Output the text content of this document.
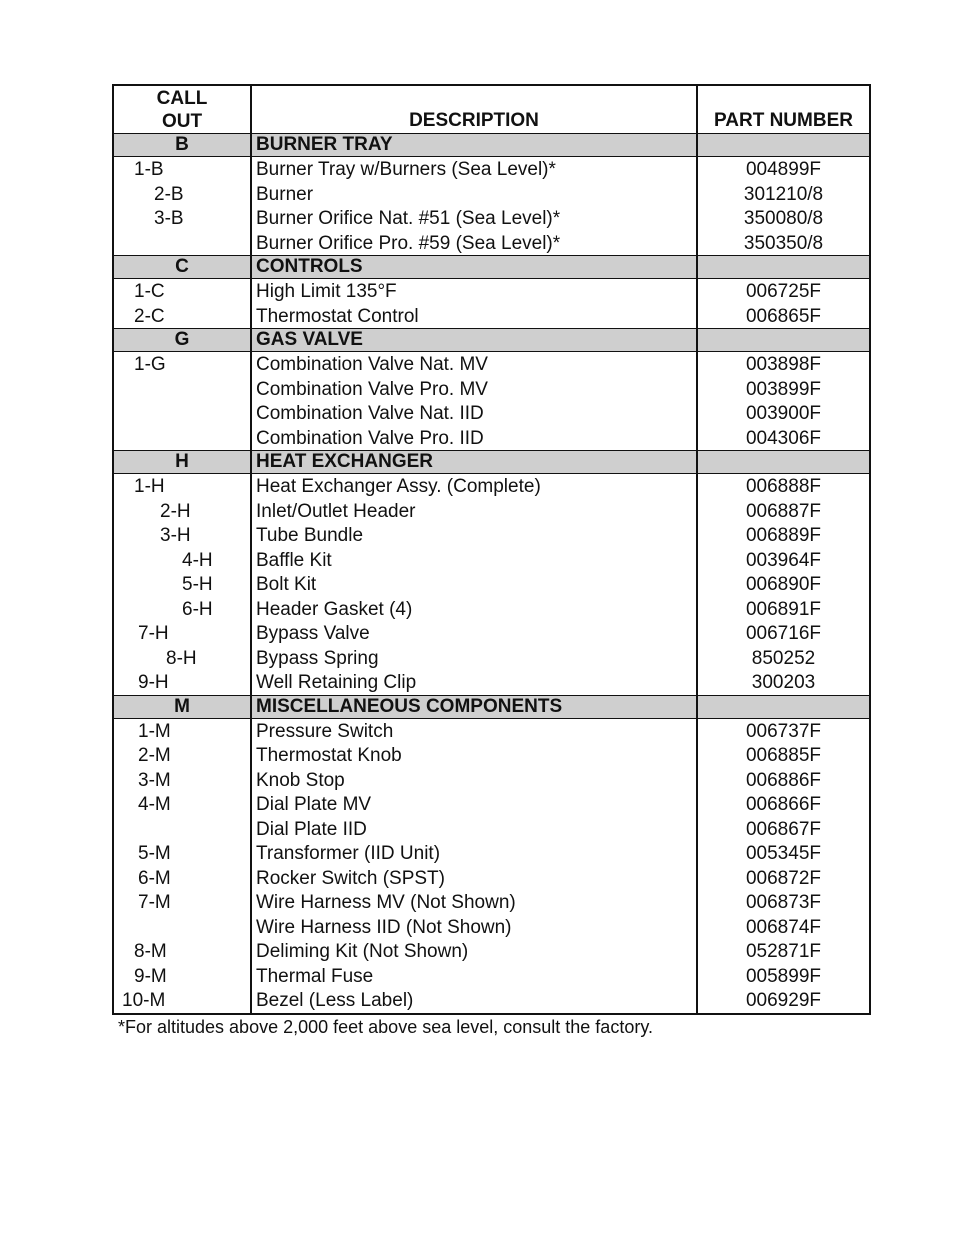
CALL
OUT	DESCRIPTION	PART NUMBER
B	BURNER TRAY
1-B	Burner Tray w/Burners (Sea Level)*	004899F
2-B	Burner	301210/8
3-B	Burner Orifice Nat. #51 (Sea Level)*	350080/8
Burner Orifice Pro. #59 (Sea Level)*	350350/8
C	CONTROLS
1-C	High Limit 135°F	006725F
2-C	Thermostat Control	006865F
G	GAS VALVE
1-G	Combination Valve Nat. MV	003898F
Combination Valve Pro. MV	003899F
Combination Valve Nat. IID	003900F
Combination Valve Pro. IID	004306F
H	HEAT EXCHANGER
1-H	Heat Exchanger Assy. (Complete)	006888F
2-H	Inlet/Outlet Header	006887F
3-H	Tube Bundle	006889F
4-H	Baffle Kit	003964F
5-H	Bolt Kit	006890F
6-H	Header Gasket (4)	006891F
7-H	Bypass Valve	006716F
8-H	Bypass Spring	850252
9-H	Well Retaining Clip	300203
M	MISCELLANEOUS COMPONENTS
1-M	Pressure Switch	006737F
2-M	Thermostat Knob	006885F
3-M	Knob Stop	006886F
4-M	Dial Plate MV	006866F
Dial Plate IID	006867F
5-M	Transformer (IID Unit)	005345F
6-M	Rocker Switch (SPST)	006872F
7-M	Wire Harness MV (Not Shown)	006873F
Wire Harness IID (Not Shown)	006874F
8-M	Deliming Kit (Not Shown)	052871F
9-M	Thermal Fuse	005899F
10-M	Bezel (Less Label)	006929F
*For altitudes above 2,000 feet above sea level, consult the factory.
